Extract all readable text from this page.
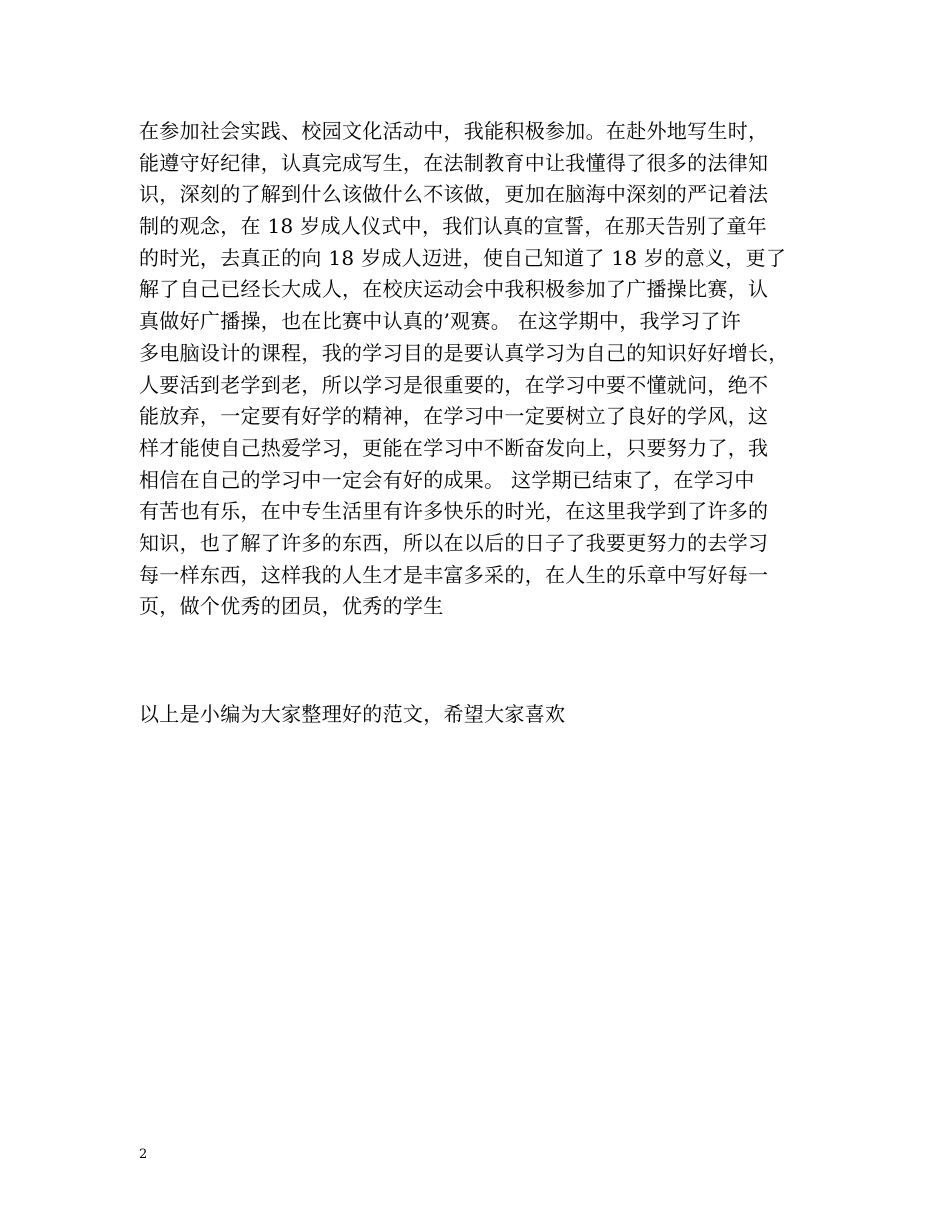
在参加社会实践、校园文化活动中，我能积极参加。在赴外地写生时，
能遵守好纪律，认真完成写生，在法制教育中让我懂得了很多的法律知
识，深刻的了解到什么该做什么不该做，更加在脑海中深刻的严记着法
制的观念，在 18 岁成人仪式中，我们认真的宣誓，在那天告别了童年
的时光，去真正的向 18 岁成人迈进，使自己知道了 18 岁的意义，更了
解了自己已经长大成人，在校庆运动会中我积极参加了广播操比赛，认
真做好广播操，也在比赛中认真的’观赛。 在这学期中，我学习了许
多电脑设计的课程，我的学习目的是要认真学习为自己的知识好好增长，
人要活到老学到老，所以学习是很重要的，在学习中要不懂就问，绝不
能放弃，一定要有好学的精神，在学习中一定要树立了良好的学风，这
样才能使自己热爱学习，更能在学习中不断奋发向上，只要努力了，我
相信在自己的学习中一定会有好的成果。 这学期已结束了，在学习中
有苦也有乐，在中专生活里有许多快乐的时光，在这里我学到了许多的
知识，也了解了许多的东西，所以在以后的日子了我要更努力的去学习
每一样东西，这样我的人生才是丰富多采的，在人生的乐章中写好每一
页，做个优秀的团员，优秀的学生
以上是小编为大家整理好的范文，希望大家喜欢
2
